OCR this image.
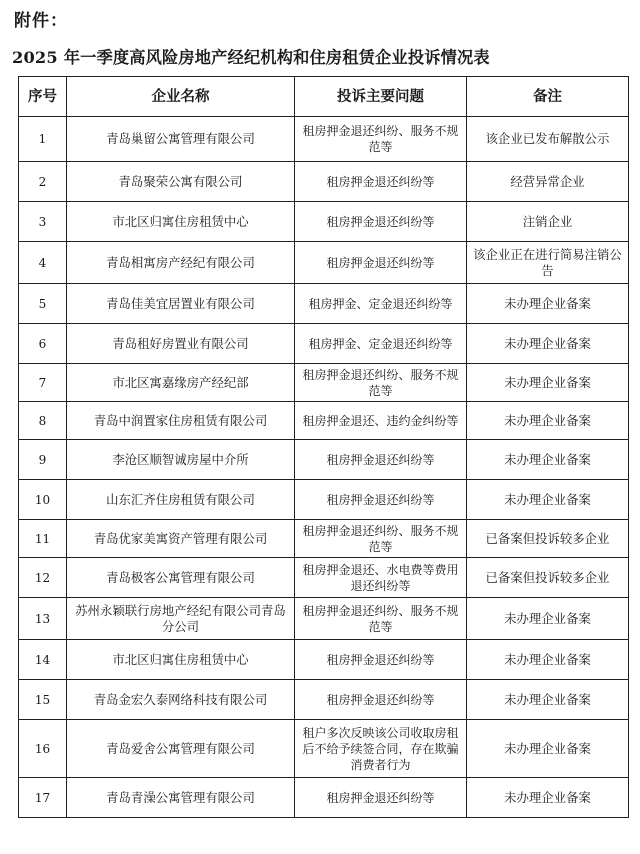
附件：
2025 年一季度高风险房地产经纪机构和住房租赁企业投诉情况表
序号	企业名称	投诉主要问题	备注
1	青岛巢留公寓管理有限公司	租房押金退还纠纷、服务不规范等	该企业已发布解散公示
2	青岛聚荣公寓有限公司	租房押金退还纠纷等	经营异常企业
3	市北区归寓住房租赁中心	租房押金退还纠纷等	注销企业
4	青岛相寓房产经纪有限公司	租房押金退还纠纷等	该企业正在进行简易注销公告
5	青岛佳美宜居置业有限公司	租房押金、定金退还纠纷等	未办理企业备案
6	青岛租好房置业有限公司	租房押金、定金退还纠纷等	未办理企业备案
7	市北区寓嘉缘房产经纪部	租房押金退还纠纷、服务不规范等	未办理企业备案
8	青岛中润置家住房租赁有限公司	租房押金退还、违约金纠纷等	未办理企业备案
9	李沧区顺智诚房屋中介所	租房押金退还纠纷等	未办理企业备案
10	山东汇齐住房租赁有限公司	租房押金退还纠纷等	未办理企业备案
11	青岛优家美寓资产管理有限公司	租房押金退还纠纷、服务不规范等	已备案但投诉较多企业
12	青岛极客公寓管理有限公司	租房押金退还、水电费等费用退还纠纷等	已备案但投诉较多企业
13	苏州永颖联行房地产经纪有限公司青岛分公司	租房押金退还纠纷、服务不规范等	未办理企业备案
14	市北区归寓住房租赁中心	租房押金退还纠纷等	未办理企业备案
15	青岛金宏久泰网络科技有限公司	租房押金退还纠纷等	未办理企业备案
16	青岛爱舍公寓管理有限公司	租户多次反映该公司收取房租后不给予续签合同，存在欺骗消费者行为	未办理企业备案
17	青岛青澡公寓管理有限公司	租房押金退还纠纷等	未办理企业备案
